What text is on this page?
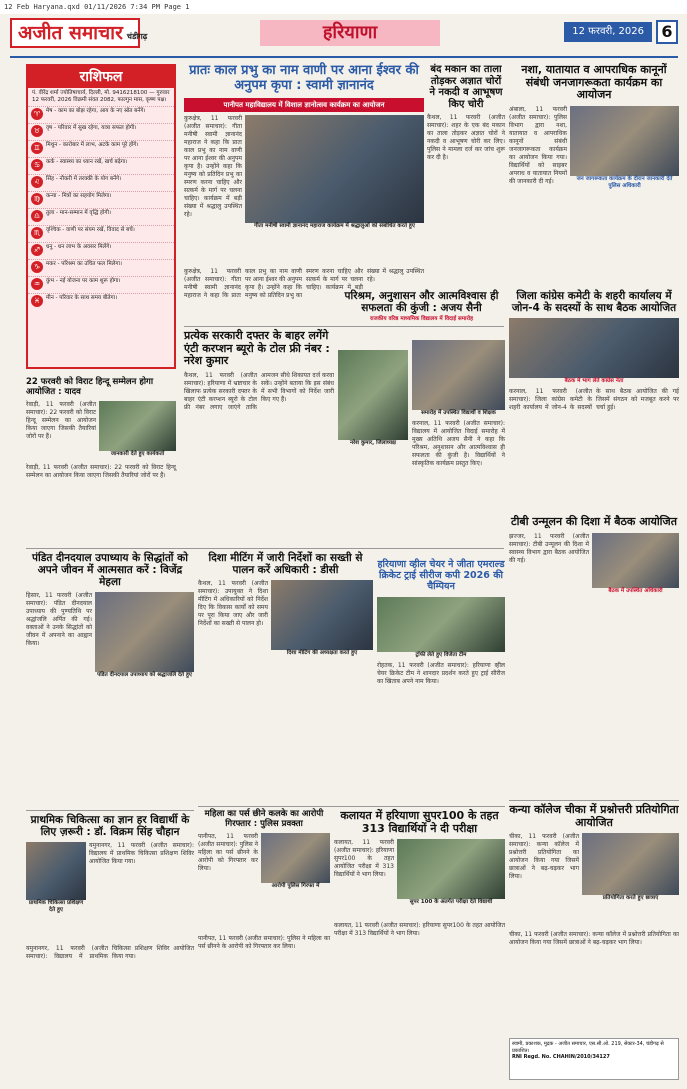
12 Feb Haryana.qxd 01/11/2026 7:34 PM Page 1
अजीत समाचार चंडीगढ़	हरियाणा	12 फरवरी, 2026	6
राशिफल
पं. वीरेंद्र शर्मा ज्योतिषाचार्य, दिल्ली, मो. 9416218100 — गुरुवार 12 फरवरी, 2026 विक्रमी संवत 2082, फाल्गुन मास, कृष्ण पक्ष।
♈	मेष - काम का बोझ रहेगा, आय के नए स्रोत बनेंगे।
♉	वृष - परिवार में सुख रहेगा, यात्रा सफल होगी।
♊	मिथुन - कारोबार में लाभ, अटके काम पूरे होंगे।
♋	कर्क - स्वास्थ्य का ध्यान रखें, खर्च बढ़ेगा।
♌	सिंह - नौकरी में तरक्की के योग बनेंगे।
♍	कन्या - मित्रों का सहयोग मिलेगा।
♎	तुला - मान-सम्मान में वृद्धि होगी।
♏	वृश्चिक - वाणी पर संयम रखें, विवाद से बचें।
♐	धनु - धन लाभ के अवसर मिलेंगे।
♑	मकर - परिश्रम का उचित फल मिलेगा।
♒	कुंभ - नई योजना पर काम शुरू होगा।
♓	मीन - परिवार के साथ समय बीतेगा।
प्रातः काल प्रभु का नाम वाणी पर आना ईश्वर की अनुपम कृपा : स्वामी ज्ञानानंद
पानीपत महाविद्यालय में विशाल ज्ञानोत्सव कार्यक्रम का आयोजन
कुरुक्षेत्र, 11 फरवरी (अजीत समाचार): गीता मनीषी स्वामी ज्ञानानंद महाराज ने कहा कि प्रातः काल प्रभु का नाम वाणी पर आना ईश्वर की अनुपम कृपा है। उन्होंने कहा कि मनुष्य को प्रतिदिन प्रभु का स्मरण करना चाहिए और सत्कर्म के मार्ग पर चलना चाहिए। कार्यक्रम में बड़ी संख्या में श्रद्धालु उपस्थित रहे।
गीता मनीषी स्वामी ज्ञानानंद महाराज कार्यक्रम में श्रद्धालुओं को संबोधित करते हुए
कुरुक्षेत्र, 11 फरवरी (अजीत समाचार): गीता मनीषी स्वामी ज्ञानानंद महाराज ने कहा कि प्रातः काल प्रभु का नाम वाणी पर आना ईश्वर की अनुपम कृपा है। उन्होंने कहा कि मनुष्य को प्रतिदिन प्रभु का स्मरण करना चाहिए और सत्कर्म के मार्ग पर चलना चाहिए। कार्यक्रम में बड़ी संख्या में श्रद्धालु उपस्थित रहे।
बंद मकान का ताला तोड़कर अज्ञात चोरों ने नकदी व आभूषण किए चोरी
कैथल, 11 फरवरी (अजीत समाचार): शहर के एक बंद मकान का ताला तोड़कर अज्ञात चोरों ने नकदी व आभूषण चोरी कर लिए। पुलिस ने मामला दर्ज कर जांच शुरू कर दी है।
नशा, यातायात व आपराधिक कानूनों संबंधी जनजागरूकता कार्यक्रम का आयोजन
अंबाला, 11 फरवरी (अजीत समाचार): पुलिस विभाग द्वारा नशा, यातायात व आपराधिक कानूनों संबंधी जनजागरूकता कार्यक्रम का आयोजन किया गया। विद्यार्थियों को साइबर अपराध व यातायात नियमों की जानकारी दी गई।	जन जागरूकता कार्यक्रम के दौरान जानकारी देते पुलिस अधिकारी
प्रत्येक सरकारी दफ्तर के बाहर लगेंगे एंटी करप्शन ब्यूरो के टोल फ्री नंबर : नरेश कुमार
कैथल, 11 फरवरी (अजीत समाचार): हरियाणा में भ्रष्टाचार के खिलाफ प्रत्येक सरकारी दफ्तर के बाहर एंटी करप्शन ब्यूरो के टोल फ्री नंबर लगाए जाएंगे ताकि आमजन सीधे शिकायत दर्ज करवा सकें। उन्होंने बताया कि इस संबंध में सभी विभागों को निर्देश जारी किए गए हैं।
नरेश कुमार, जिलाध्यक्ष
परिश्रम, अनुशासन और आत्मविश्वास ही सफलता की कुंजी : अजय सैनी
राजकीय वरिष्ठ माध्यमिक विद्यालय में विदाई समारोह
समारोह में उपस्थित विद्यार्थी व शिक्षक
करनाल, 11 फरवरी (अजीत समाचार): विद्यालय में आयोजित विदाई समारोह में मुख्य अतिथि अजय सैनी ने कहा कि परिश्रम, अनुशासन और आत्मविश्वास ही सफलता की कुंजी है। विद्यार्थियों ने सांस्कृतिक कार्यक्रम प्रस्तुत किए।
जिला कांग्रेस कमेटी के शहरी कार्यालय में जोन-4 के सदस्यों के साथ बैठक आयोजित
बैठक में भाग लेते कांग्रेस नेता
करनाल, 11 फरवरी (अजीत समाचार): जिला कांग्रेस कमेटी के शहरी कार्यालय में जोन-4 के सदस्यों के साथ बैठक आयोजित की गई जिसमें संगठन को मजबूत करने पर चर्चा हुई।
22 फरवरी को विराट हिन्दू सम्मेलन होगा आयोजित : यादव
रेवाड़ी, 11 फरवरी (अजीत समाचार): 22 फरवरी को विराट हिन्दू सम्मेलन का आयोजन किया जाएगा जिसकी तैयारियां जोरों पर हैं।
जानकारी देते हुए कार्यकर्ता
रेवाड़ी, 11 फरवरी (अजीत समाचार): 22 फरवरी को विराट हिन्दू सम्मेलन का आयोजन किया जाएगा जिसकी तैयारियां जोरों पर हैं।
पंडित दीनदयाल उपाध्याय के सिद्धांतों को अपने जीवन में आत्मसात करें : विजेंद्र मेहला
हिसार, 11 फरवरी (अजीत समाचार): पंडित दीनदयाल उपाध्याय की पुण्यतिथि पर श्रद्धांजलि अर्पित की गई। वक्ताओं ने उनके सिद्धांतों को जीवन में अपनाने का आह्वान किया।
पंडित दीनदयाल उपाध्याय को श्रद्धांजलि देते हुए
दिशा मीटिंग में जारी निर्देशों का सख्ती से पालन करें अधिकारी : डीसी
कैथल, 11 फरवरी (अजीत समाचार): उपायुक्त ने दिशा मीटिंग में अधिकारियों को निर्देश दिए कि विकास कार्यों को समय पर पूरा किया जाए और जारी निर्देशों का सख्ती से पालन हो।
दिशा मीटिंग की अध्यक्षता करते हुए
हरियाणा व्हील चेयर ने जीता एमराल्ड क्रिकेट ट्राई सीरीज कपी 2026 की चैम्पियन
ट्रॉफी लेते हुए विजेता टीम
रोहतक, 11 फरवरी (अजीत समाचार): हरियाणा व्हील चेयर क्रिकेट टीम ने शानदार प्रदर्शन करते हुए ट्राई सीरीज का खिताब अपने नाम किया।
टीबी उन्मूलन की दिशा में बैठक आयोजित
झज्जर, 11 फरवरी (अजीत समाचार): टीबी उन्मूलन की दिशा में स्वास्थ्य विभाग द्वारा बैठक आयोजित की गई।
बैठक में उपस्थित अधिकारी
प्राथमिक चिकित्सा का ज्ञान हर विद्यार्थी के लिए ज़रूरी : डॉ. विक्रम सिंह चौहान
प्राथमिक चिकित्सा प्रशिक्षण देते हुए
यमुनानगर, 11 फरवरी (अजीत समाचार): विद्यालय में प्राथमिक चिकित्सा प्रशिक्षण शिविर आयोजित किया गया।
यमुनानगर, 11 फरवरी (अजीत समाचार): विद्यालय में प्राथमिक चिकित्सा प्रशिक्षण शिविर आयोजित किया गया।
महिला का पर्स छीने कलके का आरोपी गिरफ्तार : पुलिस प्रवक्ता
पानीपत, 11 फरवरी (अजीत समाचार): पुलिस ने महिला का पर्स छीनने के आरोपी को गिरफ्तार कर लिया।
आरोपी पुलिस गिरफ्त में
कलायत में हरियाणा सुपर100 के तहत 313 विद्यार्थियों ने दी परीक्षा
कलायत, 11 फरवरी (अजीत समाचार): हरियाणा सुपर100 के तहत आयोजित परीक्षा में 313 विद्यार्थियों ने भाग लिया।
सुपर 100 के अंतर्गत परीक्षा देते विद्यार्थी
कलायत, 11 फरवरी (अजीत समाचार): हरियाणा सुपर100 के तहत आयोजित परीक्षा में 313 विद्यार्थियों ने भाग लिया।
पानीपत, 11 फरवरी (अजीत समाचार): पुलिस ने महिला का पर्स छीनने के आरोपी को गिरफ्तार कर लिया।
कन्या कॉलेज चीका में प्रश्नोत्तरी प्रतियोगिता आयोजित
चीका, 11 फरवरी (अजीत समाचार): कन्या कॉलेज में प्रश्नोत्तरी प्रतियोगिता का आयोजन किया गया जिसमें छात्राओं ने बढ़-चढ़कर भाग लिया।
प्रतियोगिता करते हुए छात्राएं
चीका, 11 फरवरी (अजीत समाचार): कन्या कॉलेज में प्रश्नोत्तरी प्रतियोगिता का आयोजन किया गया जिसमें छात्राओं ने बढ़-चढ़कर भाग लिया।
स्वामी, प्रकाशक, मुद्रक - अजीत समाचार, एस.सी.ओ. 219, सेक्टर-34, चंडीगढ़ से प्रकाशित।
RNI Regd. No. CHAHIN/2010/34127
